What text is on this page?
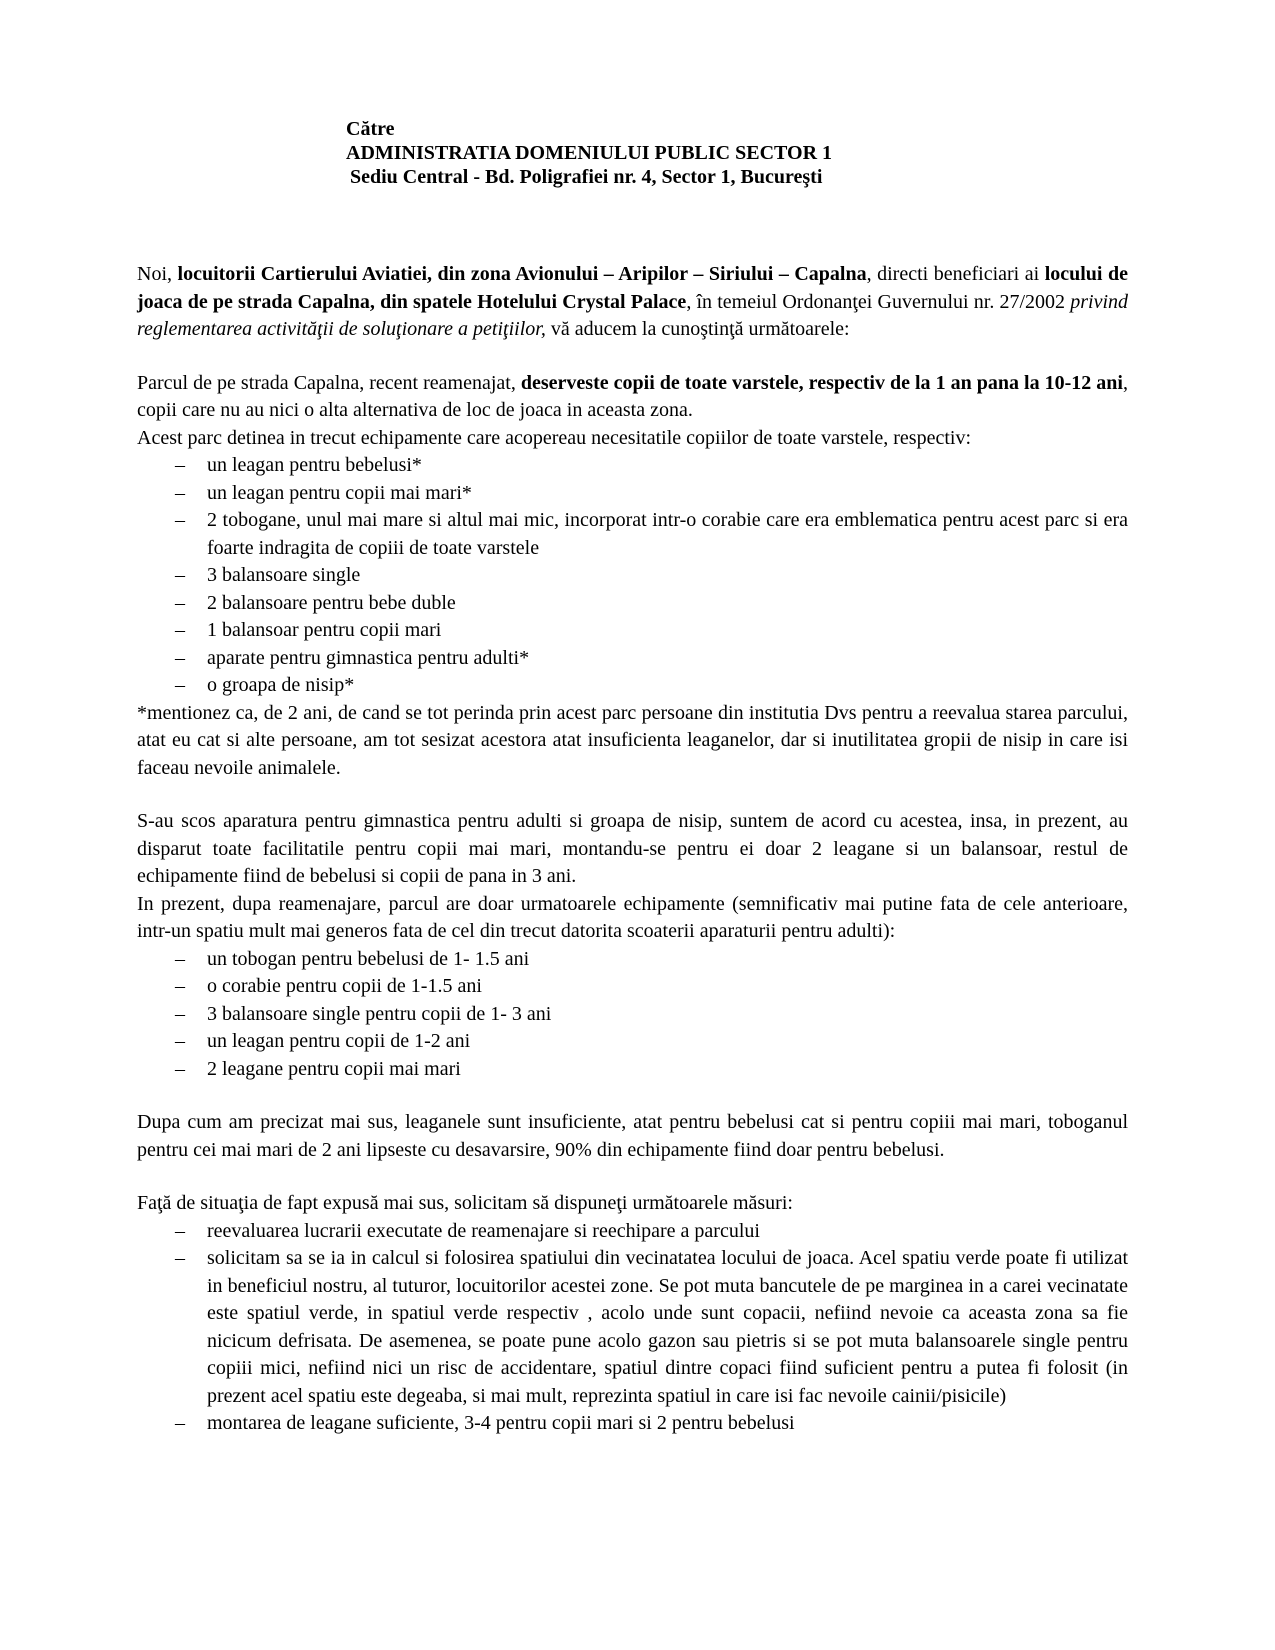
Către
ADMINISTRATIA DOMENIULUI PUBLIC SECTOR 1
Sediu Central - Bd. Poligrafiei nr. 4, Sector 1, Bucureşti

Noi, locuitorii Cartierului Aviatiei, din zona Avionului – Aripilor – Siriului – Capalna, directi beneficiari ai locului de joaca de pe strada Capalna, din spatele Hotelului Crystal Palace, în temeiul Ordonanţei Guvernului nr. 27/2002 privind reglementarea activităţii de soluţionare a petiţiilor, vă aducem la cunoştinţă următoarele:

Parcul de pe strada Capalna, recent reamenajat, deserveste copii de toate varstele, respectiv de la 1 an pana la 10-12 ani, copii care nu au nici o alta alternativa de loc de joaca in aceasta zona.

Acest parc detinea in trecut echipamente care acopereau necesitatile copiilor de toate varstele, respectiv:

– un leagan pentru bebelusi*
– un leagan pentru copii mai mari*
– 2 tobogane, unul mai mare si altul mai mic, incorporat intr-o corabie care era emblematica pentru acest parc si era foarte indragita de copiii de toate varstele
– 3 balansoare single
– 2 balansoare pentru bebe duble
– 1 balansoar pentru copii mari
– aparate pentru gimnastica pentru adulti*
– o groapa de nisip*

*mentionez ca, de 2 ani, de cand se tot perinda prin acest parc persoane din institutia Dvs pentru a reevalua starea parcului, atat eu cat si alte persoane, am tot sesizat acestora atat insuficienta leaganelor, dar si inutilitatea gropii de nisip in care isi faceau nevoile animalele.

S-au scos aparatura pentru gimnastica pentru adulti si groapa de nisip, suntem de acord cu acestea, insa, in prezent, au disparut toate facilitatile pentru copii mai mari, montandu-se pentru ei doar 2 leagane si un balansoar, restul de echipamente fiind de bebelusi si copii de pana in 3 ani.

In prezent, dupa reamenajare, parcul are doar urmatoarele echipamente (semnificativ mai putine fata de cele anterioare, intr-un spatiu mult mai generos fata de cel din trecut datorita scoaterii aparaturii pentru adulti):

– un tobogan pentru bebelusi de 1- 1.5 ani
– o corabie pentru copii de 1-1.5 ani
– 3 balansoare single pentru copii de 1- 3 ani
– un leagan pentru copii de 1-2 ani
– 2 leagane pentru copii mai mari

Dupa cum am precizat mai sus, leaganele sunt insuficiente, atat pentru bebelusi cat si pentru copiii mai mari, toboganul pentru cei mai mari de 2 ani lipseste cu desavarsire, 90% din echipamente fiind doar pentru bebelusi.

Faţă de situaţia de fapt expusă mai sus, solicitam să dispuneţi următoarele măsuri:

– reevaluarea lucrarii executate de reamenajare si reechipare a parcului
– solicitam sa se ia in calcul si folosirea spatiului din vecinatatea locului de joaca. Acel spatiu verde poate fi utilizat in beneficiul nostru, al tuturor, locuitorilor acestei zone. Se pot muta bancutele de pe marginea in a carei vecinatate este spatiul verde, in spatiul verde respectiv , acolo unde sunt copacii, nefiind nevoie ca aceasta zona sa fie nicicum defrisata. De asemenea, se poate pune acolo gazon sau pietris si se pot muta balansoarele single pentru copiii mici, nefiind nici un risc de accidentare, spatiul dintre copaci fiind suficient pentru a putea fi folosit (in prezent acel spatiu este degeaba, si mai mult, reprezinta spatiul in care isi fac nevoile cainii/pisicile)
– montarea de leagane suficiente, 3-4 pentru copii mari si 2 pentru bebelusi
